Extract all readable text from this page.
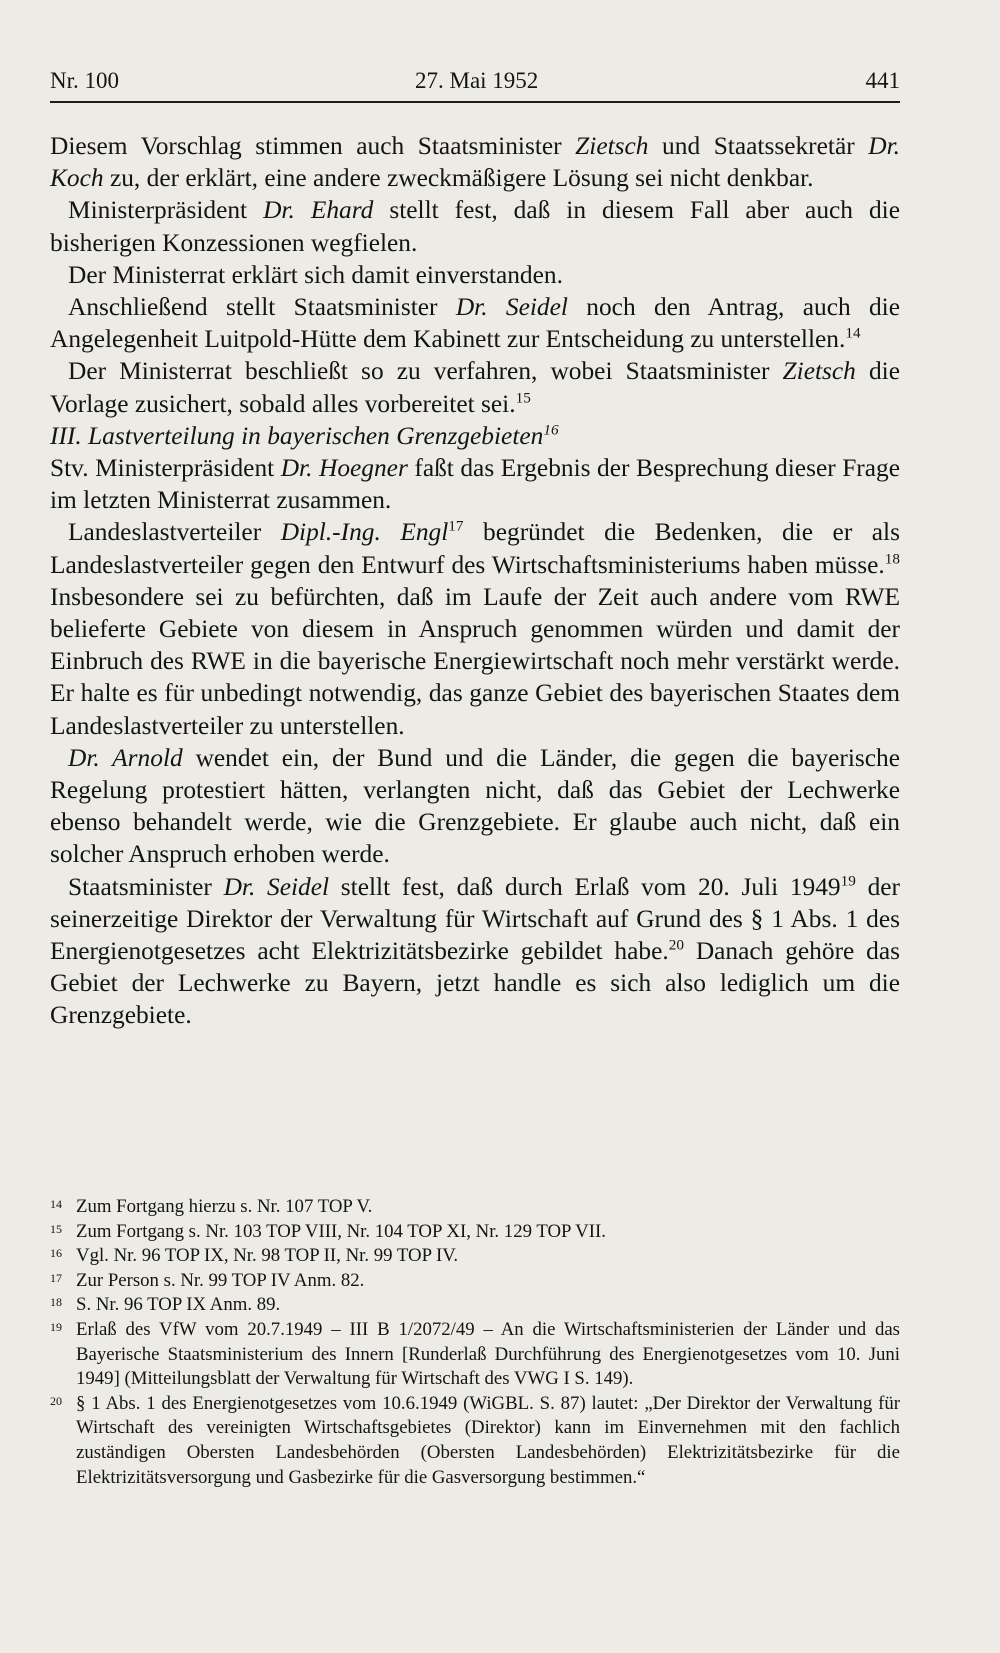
Nr. 100	27. Mai 1952	441

Diesem Vorschlag stimmen auch Staatsminister Zietsch und Staatssekretär Dr. Koch zu, der erklärt, eine andere zweckmäßigere Lösung sei nicht denkbar.

Ministerpräsident Dr. Ehard stellt fest, daß in diesem Fall aber auch die bisherigen Konzessionen wegfielen.

Der Ministerrat erklärt sich damit einverstanden.

Anschließend stellt Staatsminister Dr. Seidel noch den Antrag, auch die Angelegenheit Luitpold-Hütte dem Kabinett zur Entscheidung zu unterstellen.$^{14}$

Der Ministerrat beschließt so zu verfahren, wobei Staatsminister Zietsch die Vorlage zusichert, sobald alles vorbereitet sei.$^{15}$

III. Lastverteilung in bayerischen Grenzgebieten$^{16}$

Stv. Ministerpräsident Dr. Hoegner faßt das Ergebnis der Besprechung dieser Frage im letzten Ministerrat zusammen.

Landeslastverteiler Dipl.-Ing. Engl$^{17}$ begründet die Bedenken, die er als Landeslastverteiler gegen den Entwurf des Wirtschaftsministeriums haben müsse.$^{18}$ Insbesondere sei zu befürchten, daß im Laufe der Zeit auch andere vom RWE belieferte Gebiete von diesem in Anspruch genommen würden und damit der Einbruch des RWE in die bayerische Energiewirtschaft noch mehr verstärkt werde. Er halte es für unbedingt notwendig, das ganze Gebiet des bayerischen Staates dem Landeslastverteiler zu unterstellen.

Dr. Arnold wendet ein, der Bund und die Länder, die gegen die bayerische Regelung protestiert hätten, verlangten nicht, daß das Gebiet der Lechwerke ebenso behandelt werde, wie die Grenzgebiete. Er glaube auch nicht, daß ein solcher Anspruch erhoben werde.

Staatsminister Dr. Seidel stellt fest, daß durch Erlaß vom 20. Juli 1949$^{19}$ der seinerzeitige Direktor der Verwaltung für Wirtschaft auf Grund des § 1 Abs. 1 des Energienotgesetzes acht Elektrizitätsbezirke gebildet habe.$^{20}$ Danach gehöre das Gebiet der Lechwerke zu Bayern, jetzt handle es sich also lediglich um die Grenzgebiete.

14 Zum Fortgang hierzu s. Nr. 107 TOP V.
15 Zum Fortgang s. Nr. 103 TOP VIII, Nr. 104 TOP XI, Nr. 129 TOP VII.
16 Vgl. Nr. 96 TOP IX, Nr. 98 TOP II, Nr. 99 TOP IV.
17 Zur Person s. Nr. 99 TOP IV Anm. 82.
18 S. Nr. 96 TOP IX Anm. 89.
19 Erlaß des VfW vom 20.7.1949 – III B 1/2072/49 – An die Wirtschaftsministerien der Länder und das Bayerische Staatsministerium des Innern [Runderlaß Durchführung des Energienotgesetzes vom 10. Juni 1949] (Mitteilungsblatt der Verwaltung für Wirtschaft des VWG I S. 149).
20 § 1 Abs. 1 des Energienotgesetzes vom 10.6.1949 (WiGBL. S. 87) lautet: „Der Direktor der Verwaltung für Wirtschaft des vereinigten Wirtschaftsgebietes (Direktor) kann im Einvernehmen mit den fachlich zuständigen Obersten Landesbehörden (Obersten Landesbehörden) Elektrizitätsbezirke für die Elektrizitätsversorgung und Gasbezirke für die Gasversorgung bestimmen.“
